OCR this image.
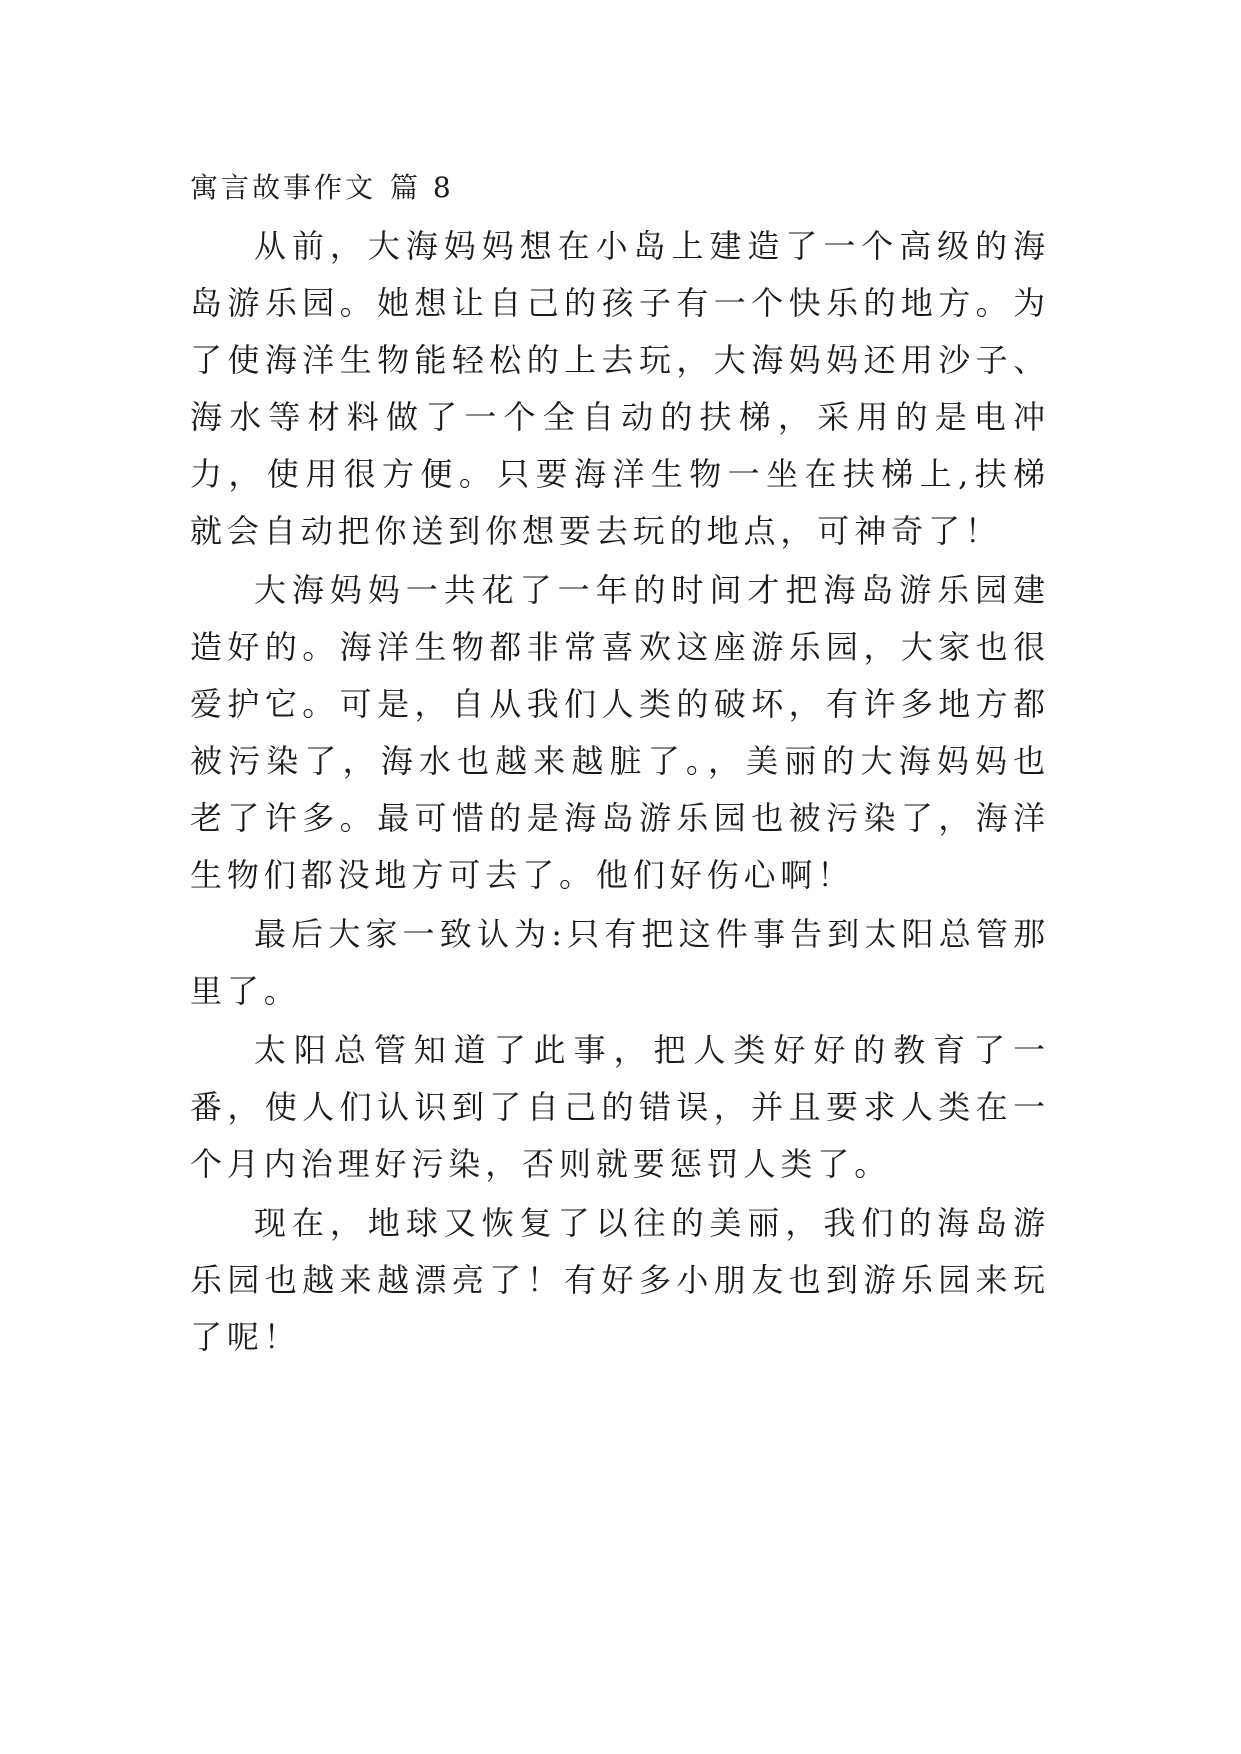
寓言故事作文 篇 8

从前，大海妈妈想在小岛上建造了一个高级的海岛游乐园。她想让自己的孩子有一个快乐的地方。为了使海洋生物能轻松的上去玩，大海妈妈还用沙子、海水等材料做了一个全自动的扶梯，采用的是电冲力，使用很方便。只要海洋生物一坐在扶梯上,扶梯就会自动把你送到你想要去玩的地点，可神奇了！

大海妈妈一共花了一年的时间才把海岛游乐园建造好的。海洋生物都非常喜欢这座游乐园，大家也很爱护它。可是，自从我们人类的破坏，有许多地方都被污染了，海水也越来越脏了。，美丽的大海妈妈也老了许多。最可惜的是海岛游乐园也被污染了，海洋生物们都没地方可去了。他们好伤心啊！

最后大家一致认为:只有把这件事告到太阳总管那里了。

太阳总管知道了此事，把人类好好的教育了一番，使人们认识到了自己的错误，并且要求人类在一个月内治理好污染，否则就要惩罚人类了。

现在，地球又恢复了以往的美丽，我们的海岛游乐园也越来越漂亮了！有好多小朋友也到游乐园来玩了呢！
